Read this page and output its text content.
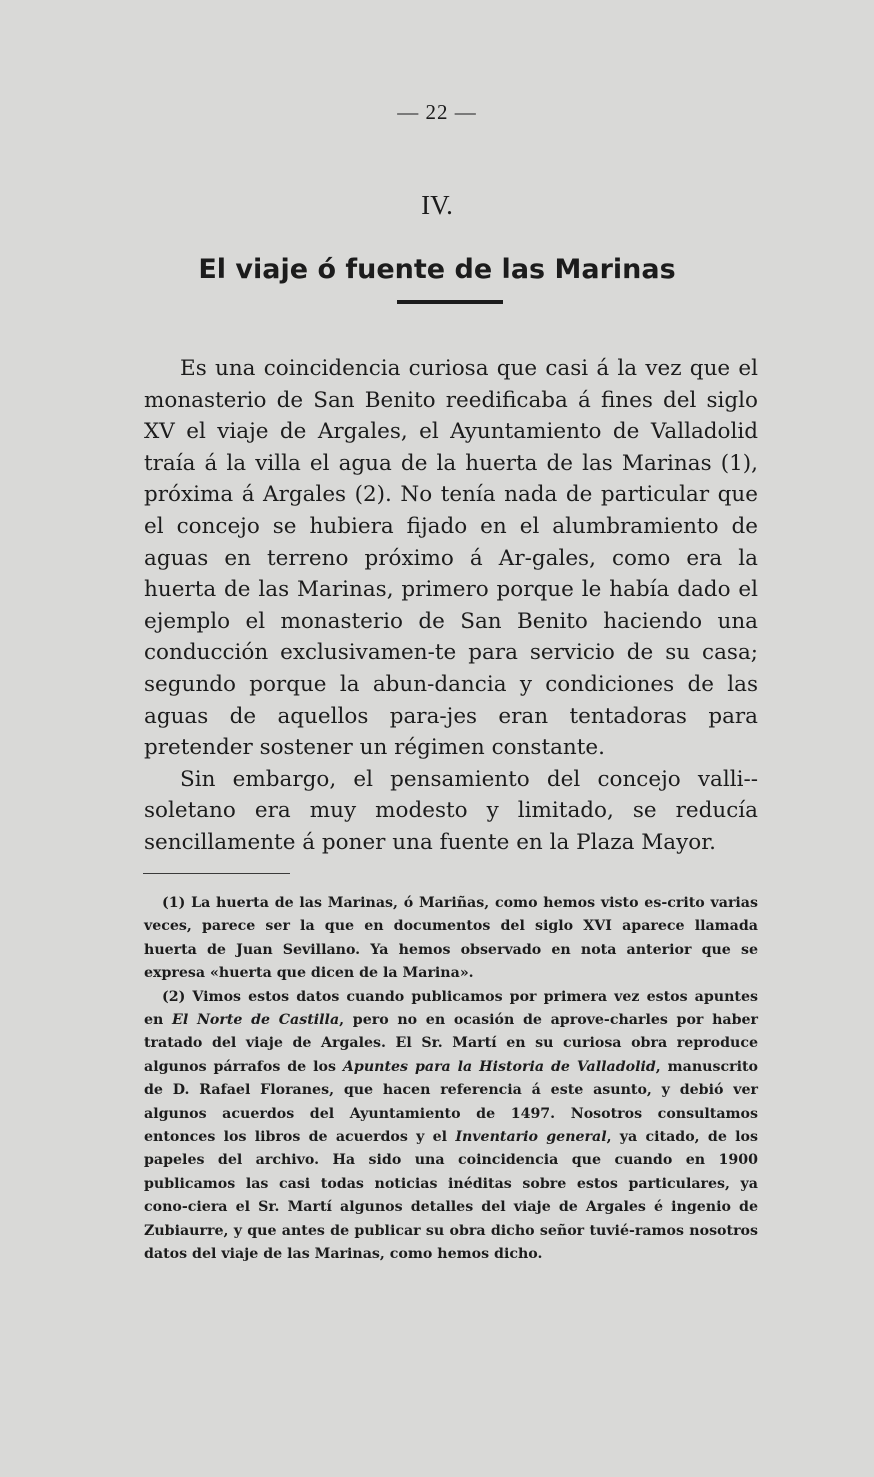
— 22 —
IV.
El viaje ó fuente de las Marinas

Es una coincidencia curiosa que casi á la vez que el monasterio de San Benito reedificaba á fines del siglo XV el viaje de Argales, el Ayuntamiento de Valladolid traía á la villa el agua de la huerta de las Marinas (1), próxima á Argales (2). No tenía nada de particular que el concejo se hubiera fijado en el alumbramiento de aguas en terreno próximo á Ar-gales, como era la huerta de las Marinas, primero porque le había dado el ejemplo el monasterio de San Benito haciendo una conducción exclusivamen-te para servicio de su casa; segundo porque la abun-dancia y condiciones de las aguas de aquellos para-jes eran tentadoras para pretender sostener un régimen constante.

Sin embargo, el pensamiento del concejo valli-soletano era muy modesto y limitado, se reducía sencillamente á poner una fuente en la Plaza Mayor.

(1) La huerta de las Marinas, ó Mariñas, como hemos visto es-crito varias veces, parece ser la que en documentos del siglo XVI aparece llamada huerta de Juan Sevillano. Ya hemos observado en nota anterior que se expresa «huerta que dicen de la Marina».

(2) Vimos estos datos cuando publicamos por primera vez estos apuntes en El Norte de Castilla, pero no en ocasión de aprove-charles por haber tratado del viaje de Argales. El Sr. Martí en su curiosa obra reproduce algunos párrafos de los Apuntes para la Historia de Valladolid, manuscrito de D. Rafael Floranes, que hacen referencia á este asunto, y debió ver algunos acuerdos del Ayuntamiento de 1497. Nosotros consultamos entonces los libros de acuerdos y el Inventario general, ya citado, de los papeles del archivo. Ha sido una coincidencia que cuando en 1900 publicamos las casi todas noticias inéditas sobre estos particulares, ya cono-ciera el Sr. Martí algunos detalles del viaje de Argales é ingenio de Zubiaurre, y que antes de publicar su obra dicho señor tuvié-ramos nosotros datos del viaje de las Marinas, como hemos dicho.
